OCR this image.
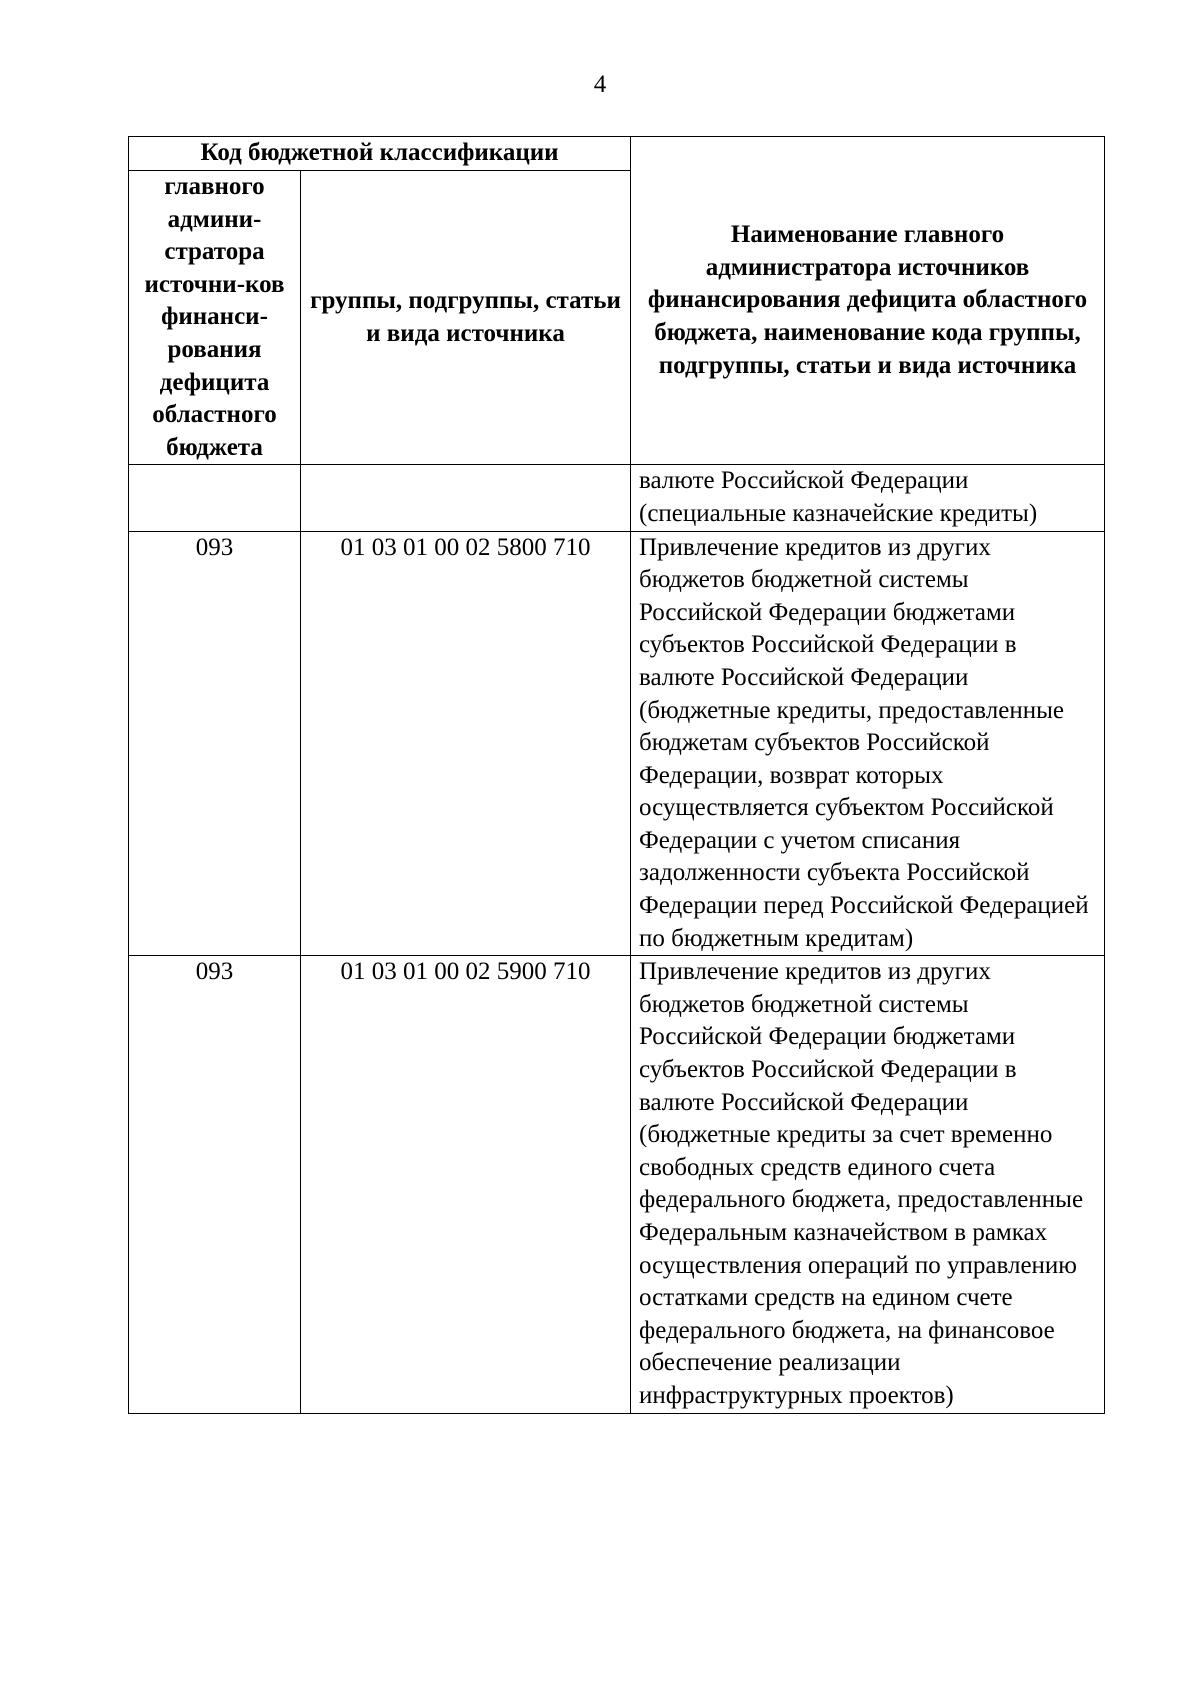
4
Код бюджетной классификации		Наименование главного администратора источников финансирования дефицита областного бюджета, наименование кода группы, подгруппы, статьи и вида источника
главного админи-стратора источни-ков финанси-рования дефицита областного бюджета	группы, подгруппы, статьи и вида источника	
		валюте Российской Федерации (специальные казначейские кредиты)
093	01 03 01 00 02 5800 710	Привлечение кредитов из других бюджетов бюджетной системы Российской Федерации бюджетами субъектов Российской Федерации в валюте Российской Федерации (бюджетные кредиты, предоставленные бюджетам субъектов Российской Федерации, возврат которых осуществляется субъектом Российской Федерации с учетом списания задолженности субъекта Российской Федерации перед Российской Федерацией по бюджетным кредитам)
093	01 03 01 00 02 5900 710	Привлечение кредитов из других бюджетов бюджетной системы Российской Федерации бюджетами субъектов Российской Федерации в валюте Российской Федерации (бюджетные кредиты за счет временно свободных средств единого счета федерального бюджета, предоставленные Федеральным казначейством в рамках осуществления операций по управлению остатками средств на едином счете федерального бюджета, на финансовое обеспечение реализации инфраструктурных проектов)
